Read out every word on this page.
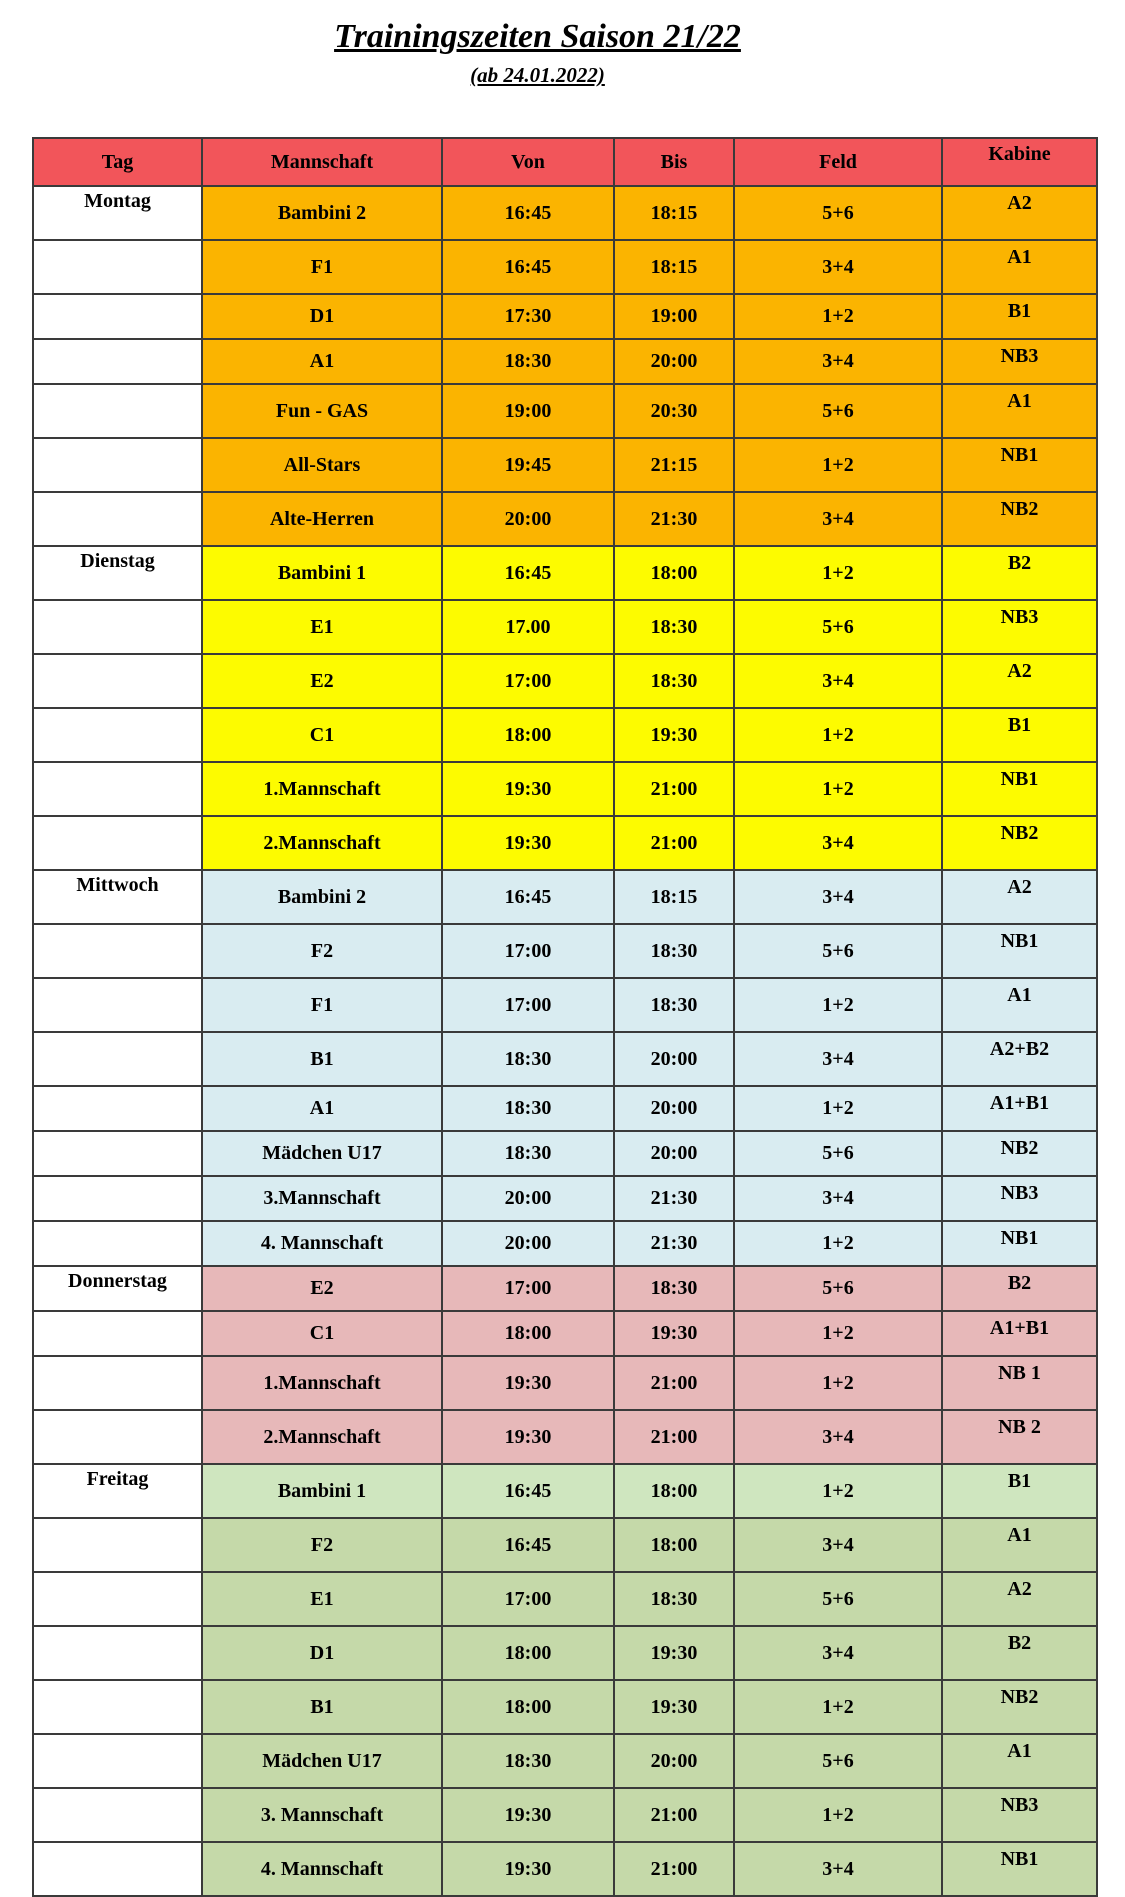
Trainingszeiten Saison 21/22
(ab 24.01.2022)
Tag	Mannschaft	Von	Bis	Feld	Kabine
Montag	Bambini 2	16:45	18:15	5+6	A2
	F1	16:45	18:15	3+4	A1
	D1	17:30	19:00	1+2	B1
	A1	18:30	20:00	3+4	NB3
	Fun - GAS	19:00	20:30	5+6	A1
	All-Stars	19:45	21:15	1+2	NB1
	Alte-Herren	20:00	21:30	3+4	NB2
Dienstag	Bambini 1	16:45	18:00	1+2	B2
	E1	17.00	18:30	5+6	NB3
	E2	17:00	18:30	3+4	A2
	C1	18:00	19:30	1+2	B1
	1.Mannschaft	19:30	21:00	1+2	NB1
	2.Mannschaft	19:30	21:00	3+4	NB2
Mittwoch	Bambini 2	16:45	18:15	3+4	A2
	F2	17:00	18:30	5+6	NB1
	F1	17:00	18:30	1+2	A1
	B1	18:30	20:00	3+4	A2+B2
	A1	18:30	20:00	1+2	A1+B1
	Mädchen U17	18:30	20:00	5+6	NB2
	3.Mannschaft	20:00	21:30	3+4	NB3
	4. Mannschaft	20:00	21:30	1+2	NB1
Donnerstag	E2	17:00	18:30	5+6	B2
	C1	18:00	19:30	1+2	A1+B1
	1.Mannschaft	19:30	21:00	1+2	NB 1
	2.Mannschaft	19:30	21:00	3+4	NB 2
Freitag	Bambini 1	16:45	18:00	1+2	B1
	F2	16:45	18:00	3+4	A1
	E1	17:00	18:30	5+6	A2
	D1	18:00	19:30	3+4	B2
	B1	18:00	19:30	1+2	NB2
	Mädchen U17	18:30	20:00	5+6	A1
	3. Mannschaft	19:30	21:00	1+2	NB3
	4. Mannschaft	19:30	21:00	3+4	NB1
